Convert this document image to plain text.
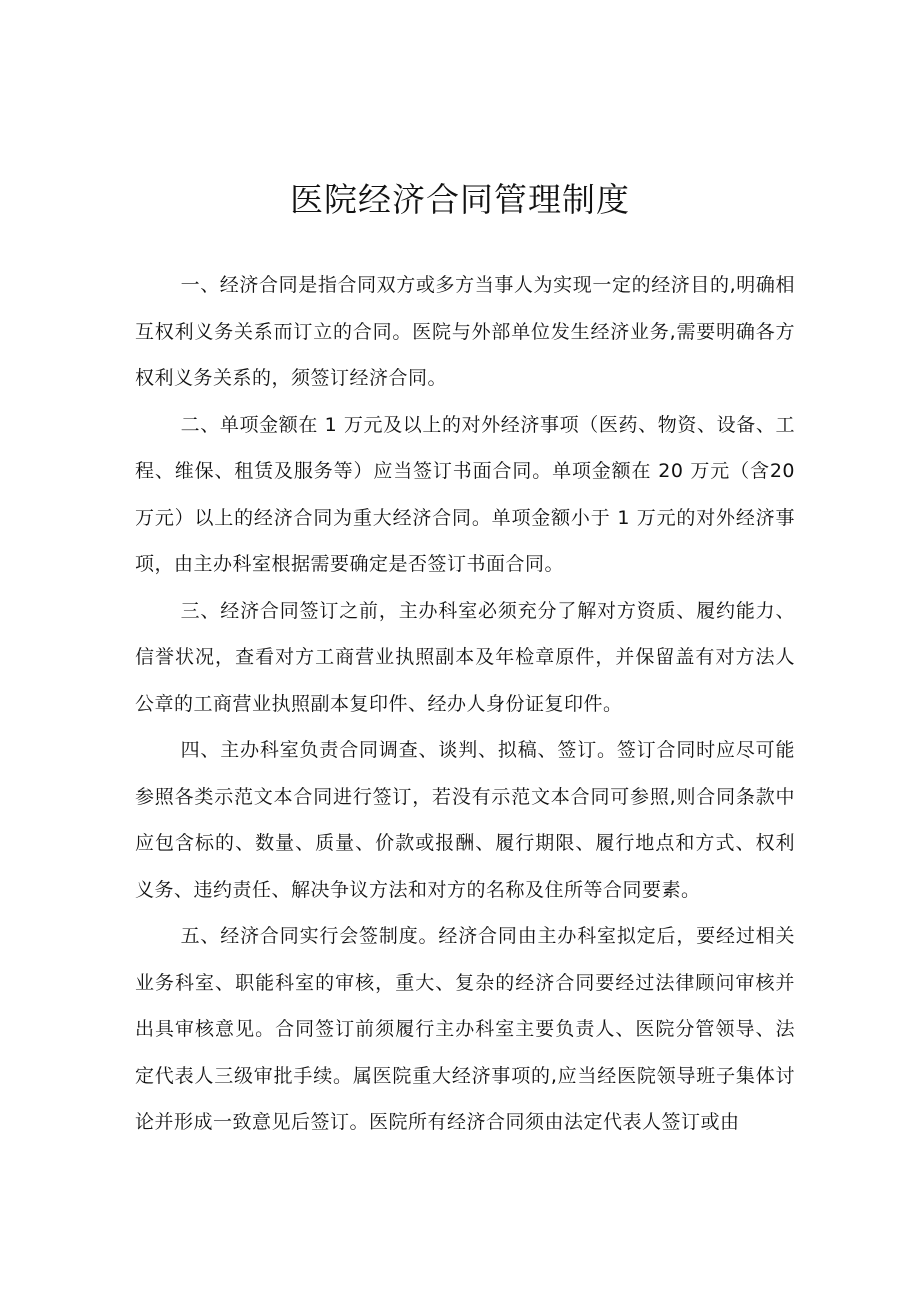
医院经济合同管理制度

一、经济合同是指合同双方或多方当事人为实现一定的经济目的,明确相互权利义务关系而订立的合同。医院与外部单位发生经济业务,需要明确各方权利义务关系的，须签订经济合同。

二、单项金额在 1 万元及以上的对外经济事项（医药、物资、设备、工程、维保、租赁及服务等）应当签订书面合同。单项金额在 20 万元（含20 万元）以上的经济合同为重大经济合同。单项金额小于 1 万元的对外经济事项，由主办科室根据需要确定是否签订书面合同。

三、经济合同签订之前，主办科室必须充分了解对方资质、履约能力、信誉状况，查看对方工商营业执照副本及年检章原件，并保留盖有对方法人公章的工商营业执照副本复印件、经办人身份证复印件。

四、主办科室负责合同调查、谈判、拟稿、签订。签订合同时应尽可能参照各类示范文本合同进行签订，若没有示范文本合同可参照,则合同条款中应包含标的、数量、质量、价款或报酬、履行期限、履行地点和方式、权利义务、违约责任、解决争议方法和对方的名称及住所等合同要素。

五、经济合同实行会签制度。经济合同由主办科室拟定后，要经过相关业务科室、职能科室的审核，重大、复杂的经济合同要经过法律顾问审核并出具审核意见。合同签订前须履行主办科室主要负责人、医院分管领导、法定代表人三级审批手续。属医院重大经济事项的,应当经医院领导班子集体讨论并形成一致意见后签订。医院所有经济合同须由法定代表人签订或由
